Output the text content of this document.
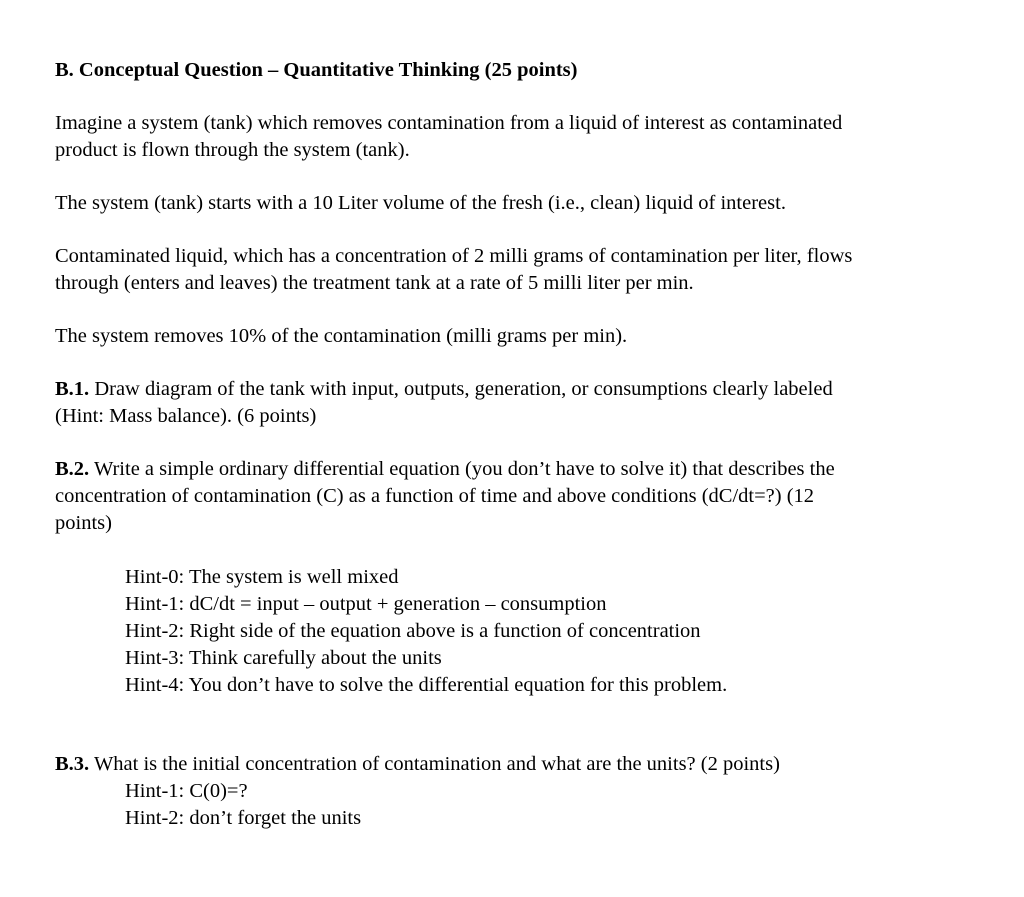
B. Conceptual Question – Quantitative Thinking (25 points)
Imagine a system (tank) which removes contamination from a liquid of interest as contaminated
product is flown through the system (tank).
The system (tank) starts with a 10 Liter volume of the fresh (i.e., clean) liquid of interest.
Contaminated liquid, which has a concentration of 2 milli grams of contamination per liter, flows
through (enters and leaves) the treatment tank at a rate of 5 milli liter per min.
The system removes 10% of the contamination (milli grams per min).
B.1. Draw diagram of the tank with input, outputs, generation, or consumptions clearly labeled
(Hint: Mass balance). (6 points)
B.2. Write a simple ordinary differential equation (you don’t have to solve it) that describes the
concentration of contamination (C) as a function of time and above conditions (dC/dt=?) (12
points)
Hint-0: The system is well mixed
Hint-1: dC/dt = input – output + generation – consumption
Hint-2: Right side of the equation above is a function of concentration
Hint-3: Think carefully about the units
Hint-4: You don’t have to solve the differential equation for this problem.
B.3. What is the initial concentration of contamination and what are the units? (2 points)
Hint-1: C(0)=?
Hint-2: don’t forget the units
